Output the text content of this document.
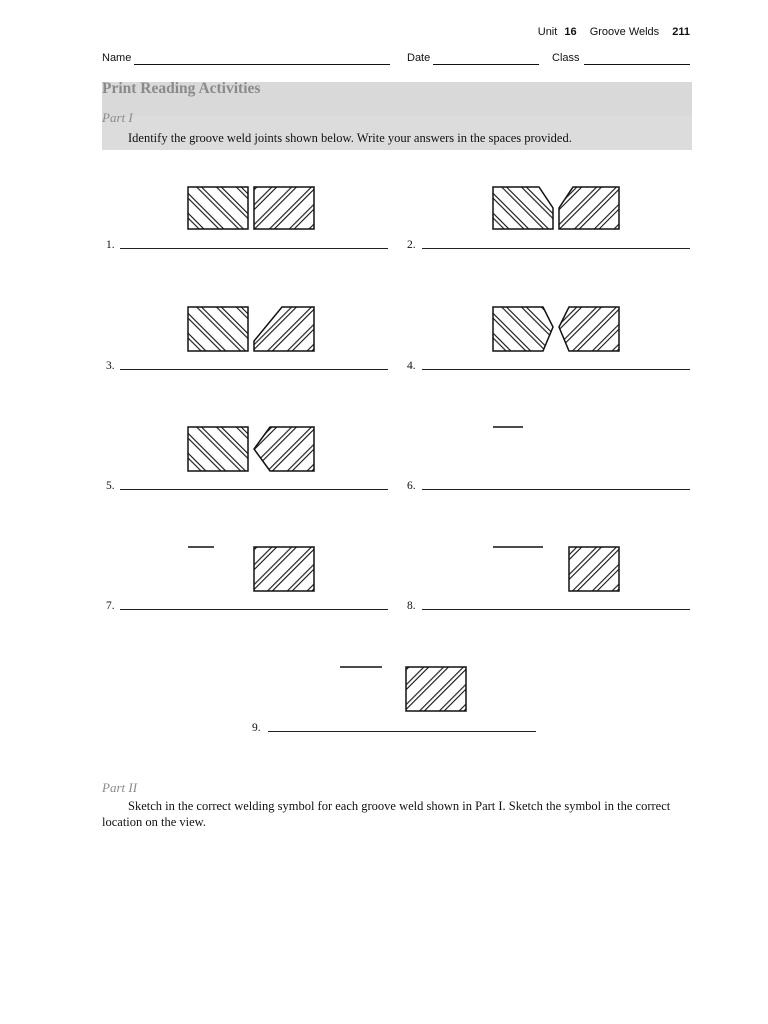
Unit 16 Groove Welds 211
Name	Date	Class
Print Reading Activities
Part I
Identify the groove weld joints shown below. Write your answers in the spaces provided.
1.	2.
3.	4.
5.	6.
7.	8.
9.
Part II
Sketch in the correct welding symbol for each groove weld shown in Part I. Sketch the symbol in the correct location on the view.
